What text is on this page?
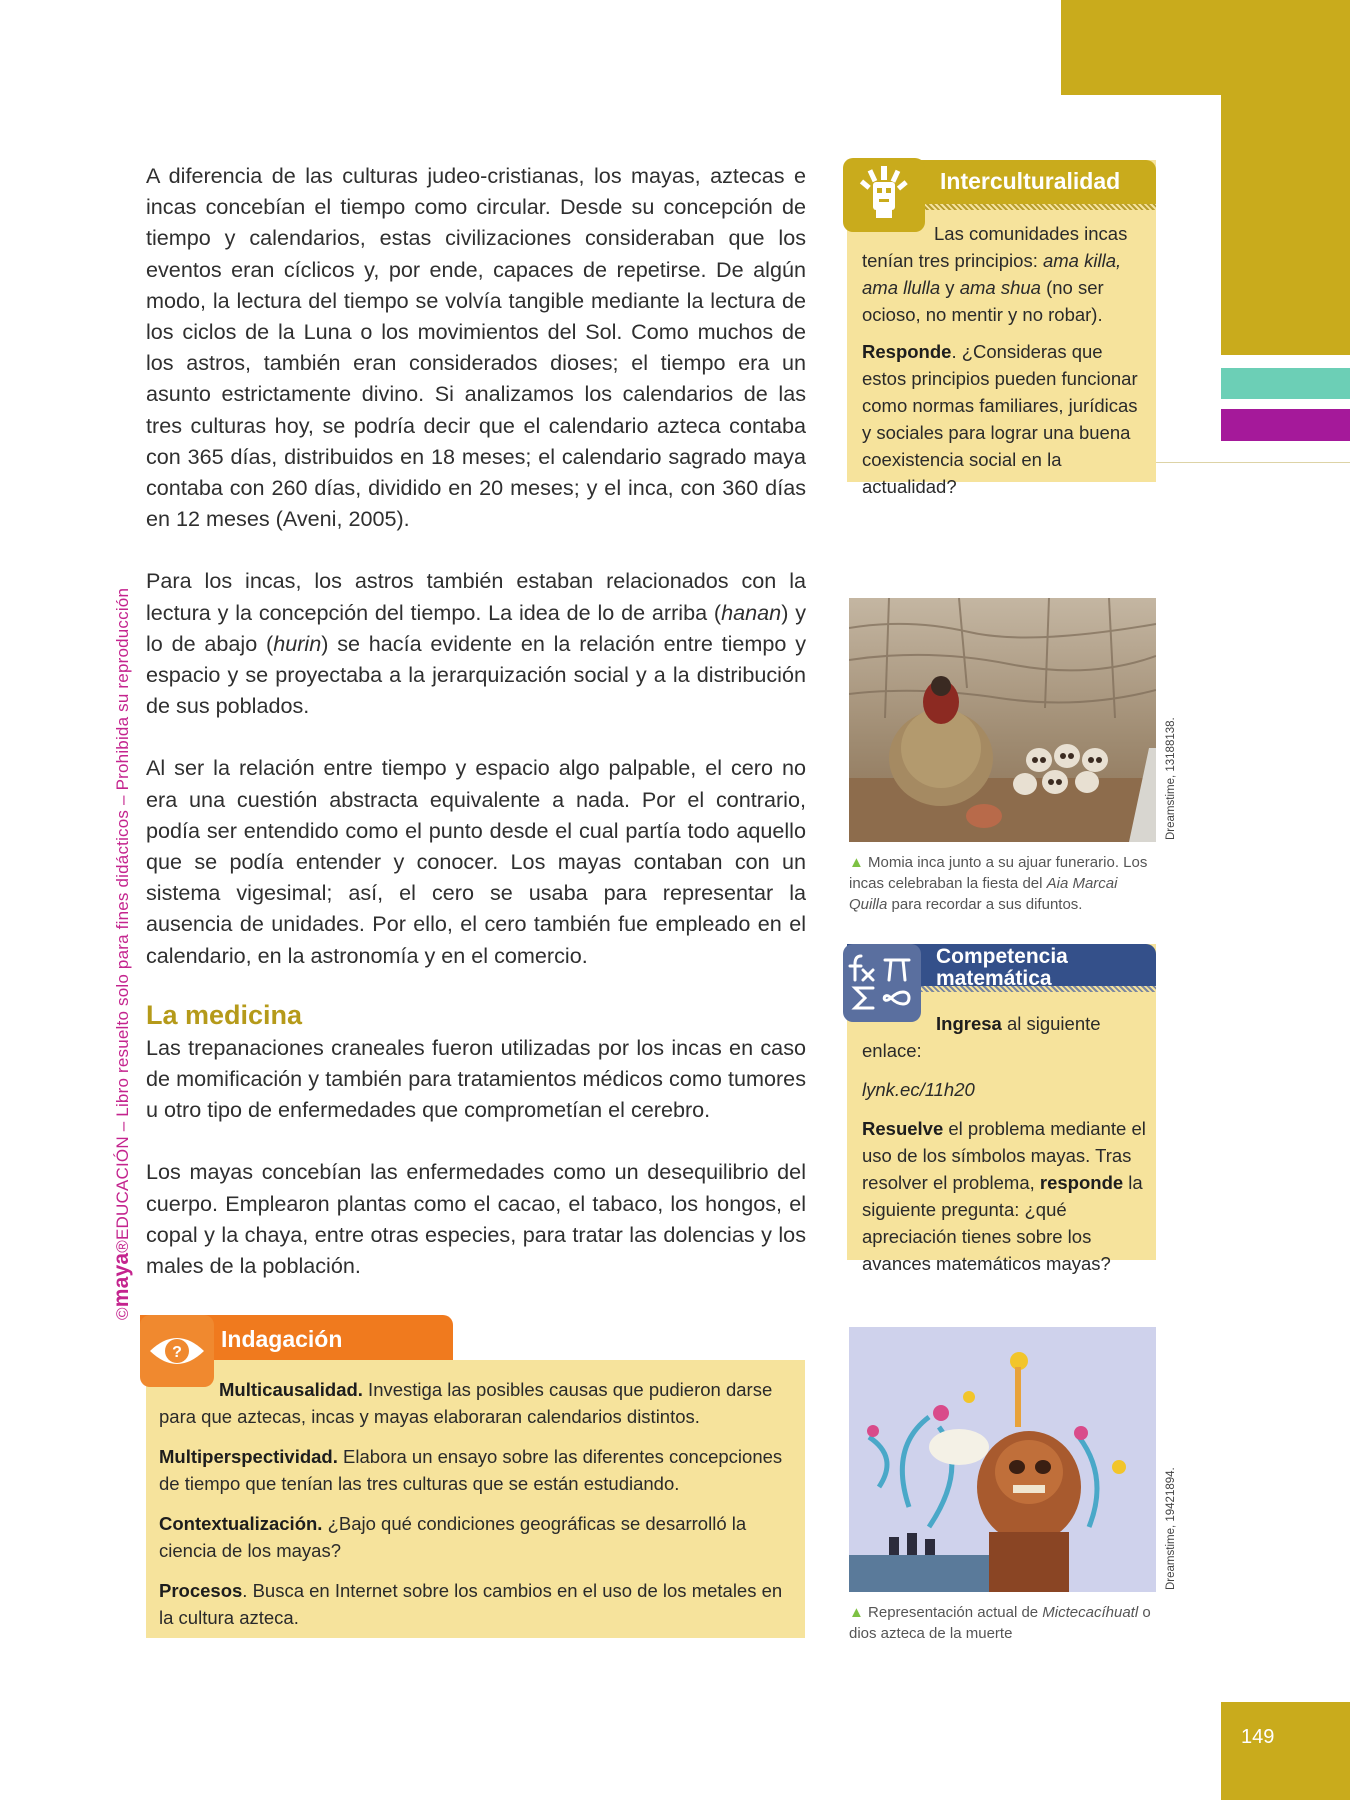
©maya®EDUCACIÓN – Libro resuelto solo para fines didácticos – Prohibida su reproducción

A diferencia de las culturas judeo-cristianas, los mayas, aztecas e incas concebían el tiempo como circular. Desde su concepción de tiempo y calendarios, estas civilizaciones consideraban que los eventos eran cíclicos y, por ende, capaces de repetirse. De algún modo, la lectura del tiempo se volvía tangible mediante la lectura de los ciclos de la Luna o los movimientos del Sol. Como muchos de los astros, también eran considerados dioses; el tiempo era un asunto estrictamente divino. Si analizamos los calendarios de las tres culturas hoy, se podría decir que el calendario azteca contaba con 365 días, distribuidos en 18 meses; el calendario sagrado maya contaba con 260 días, dividido en 20 meses; y el inca, con 360 días en 12 meses (Aveni, 2005).

Para los incas, los astros también estaban relacionados con la lectura y la concepción del tiempo. La idea de lo de arriba (hanan) y lo de abajo (hurin) se hacía evidente en la relación entre tiempo y espacio y se proyectaba a la jerarquización social y a la distribución de sus poblados.

Al ser la relación entre tiempo y espacio algo palpable, el cero no era una cuestión abstracta equivalente a nada. Por el contrario, podía ser entendido como el punto desde el cual partía todo aquello que se podía entender y conocer. Los mayas contaban con un sistema vigesimal; así, el cero se usaba para representar la ausencia de unidades. Por ello, el cero también fue empleado en el calendario, en la astronomía y en el comercio.

La medicina

Las trepanaciones craneales fueron utilizadas por los incas en caso de momificación y también para tratamientos médicos como tumores u otro tipo de enfermedades que comprometían el cerebro.

Los mayas concebían las enfermedades como un desequilibrio del cuerpo. Emplearon plantas como el cacao, el tabaco, los hongos, el copal y la chaya, entre otras especies, para tratar las dolencias y los males de la población.

Interculturalidad

Las comunidades incas tenían tres principios: ama killa, ama llulla y ama shua (no ser ocioso, no mentir y no robar).

Responde. ¿Consideras que estos principios pueden funcionar como normas familiares, jurídicas y sociales para lograr una buena coexistencia social en la actualidad?

Dreamstime, 13188138.
▲ Momia inca junto a su ajuar funerario. Los incas celebraban la fiesta del Aia Marcai Quilla para recordar a sus difuntos.
Competencia
matemática

Ingresa al siguiente enlace:

lynk.ec/11h20

Resuelve el problema mediante el uso de los símbolos mayas. Tras resolver el problema, responde la siguiente pregunta: ¿qué apreciación tienes sobre los avances matemáticos mayas?

Dreamstime, 19421894.
▲ Representación actual de Mictecacíhuatl o dios azteca de la muerte
?
Indagación

Multicausalidad. Investiga las posibles causas que pudieron darse para que aztecas, incas y mayas elaboraran calendarios distintos.

Multiperspectividad. Elabora un ensayo sobre las diferentes concepciones de tiempo que tenían las tres culturas que se están estudiando.

Contextualización. ¿Bajo qué condiciones geográficas se desarrolló la ciencia de los mayas?

Procesos. Busca en Internet sobre los cambios en el uso de los metales en la cultura azteca.

149
